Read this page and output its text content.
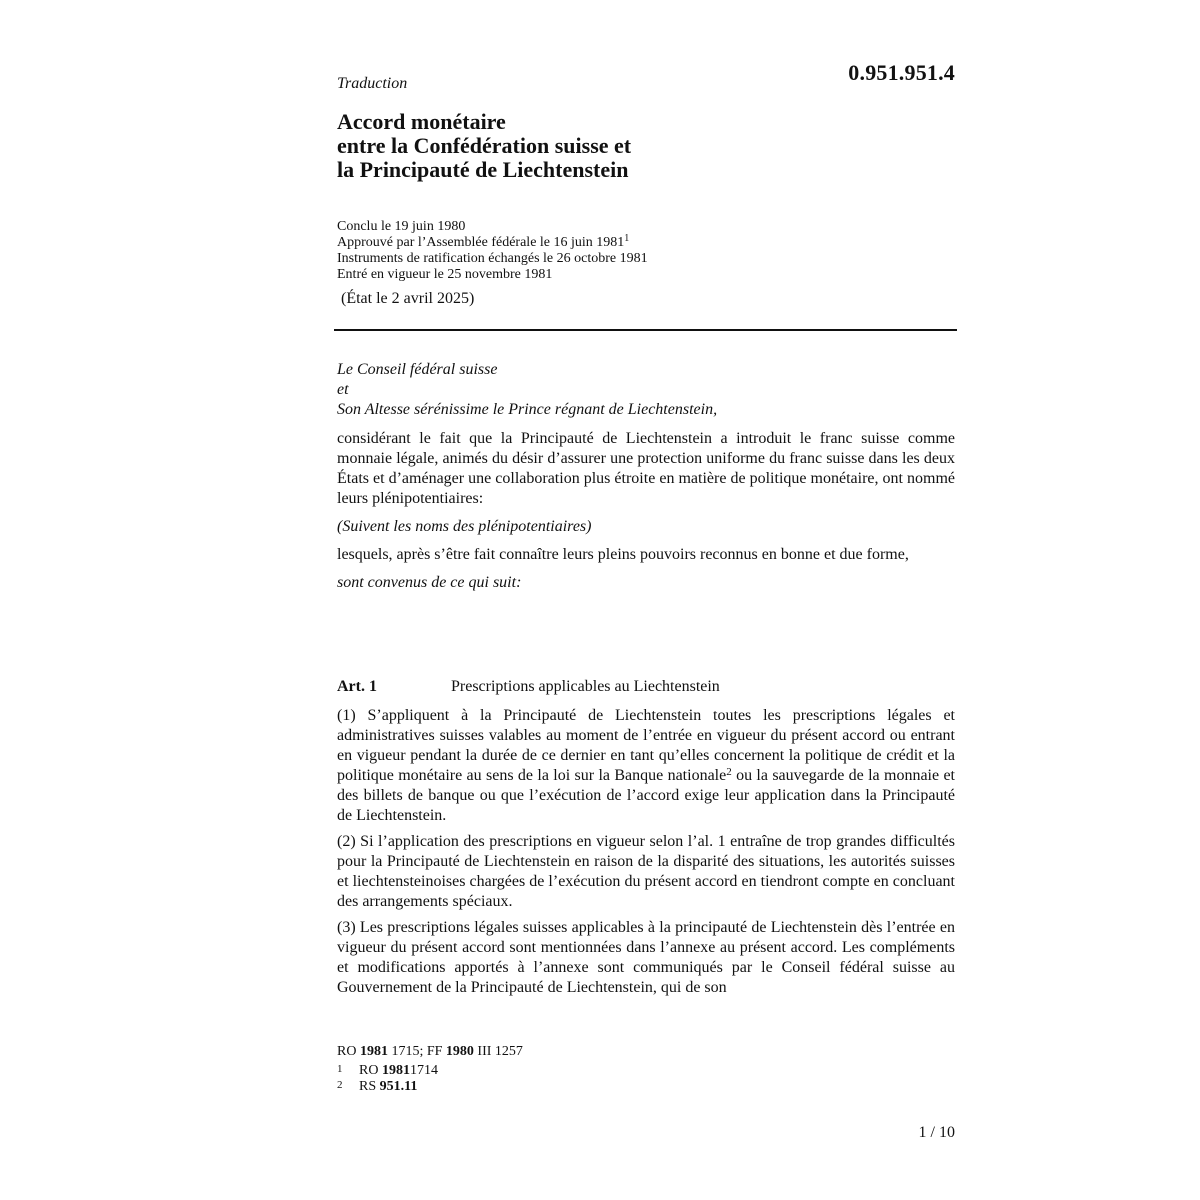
0.951.951.4
Traduction
Accord monétaire
entre la Confédération suisse et
la Principauté de Liechtenstein
Conclu le 19 juin 1980
Approuvé par l’Assemblée fédérale le 16 juin 1981$^1$
Instruments de ratification échangés le 26 octobre 1981
Entré en vigueur le 25 novembre 1981
(État le 2 avril 2025)
Le Conseil fédéral suisse
et
Son Altesse sérénissime le Prince régnant de Liechtenstein,

considérant le fait que la Principauté de Liechtenstein a introduit le franc suisse comme monnaie légale, animés du désir d’assurer une protection uniforme du franc suisse dans les deux États et d’aménager une collaboration plus étroite en matière de politique monétaire, ont nommé leurs plénipotentiaires:

(Suivent les noms des plénipotentiaires)

lesquels, après s’être fait connaître leurs pleins pouvoirs reconnus en bonne et due forme,

sont convenus de ce qui suit:
Art. 1	Prescriptions applicables au Liechtenstein

(1) S’appliquent à la Principauté de Liechtenstein toutes les prescriptions légales et administratives suisses valables au moment de l’entrée en vigueur du présent accord ou entrant en vigueur pendant la durée de ce dernier en tant qu’elles concernent la politique de crédit et la politique monétaire au sens de la loi sur la Banque nationale$^2$ ou la sauvegarde de la monnaie et des billets de banque ou que l’exécution de l’accord exige leur application dans la Principauté de Liechtenstein.

(2) Si l’application des prescriptions en vigueur selon l’al. 1 entraîne de trop grandes difficultés pour la Principauté de Liechtenstein en raison de la disparité des situations, les autorités suisses et liechtensteinoises chargées de l’exécution du présent accord en tiendront compte en concluant des arrangements spéciaux.

(3) Les prescriptions légales suisses applicables à la principauté de Liechtenstein dès l’entrée en vigueur du présent accord sont mentionnées dans l’annexe au présent accord. Les compléments et modifications apportés à l’annexe sont communiqués par le Conseil fédéral suisse au Gouvernement de la Principauté de Liechtenstein, qui de son

RO 1981 1715; FF 1980 III 1257
1	RO
1981 1714
2	RS
951.11
1 / 10
